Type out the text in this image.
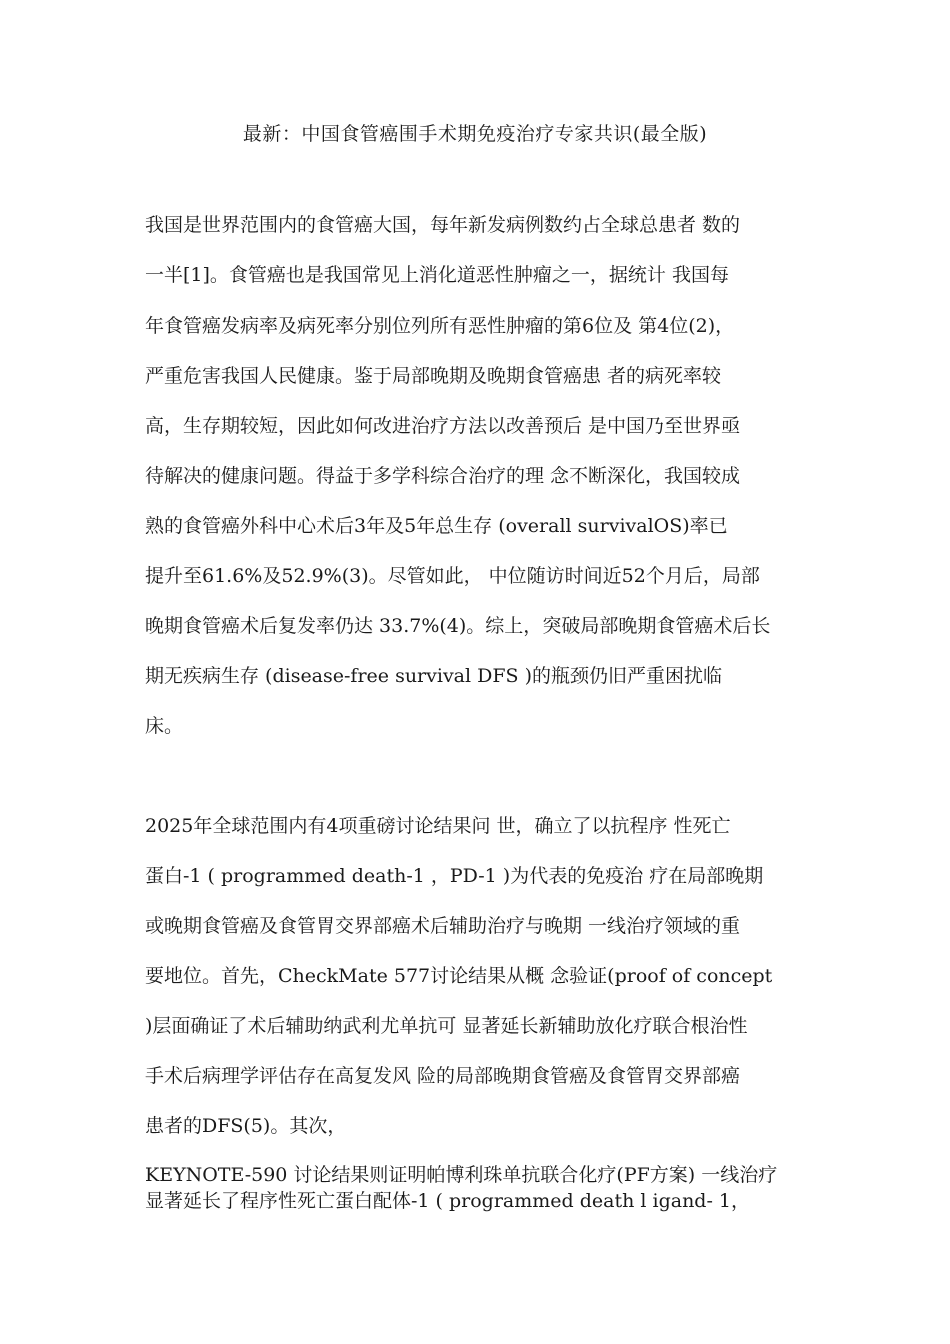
最新：中国食管癌围手术期免疫治疗专家共识(最全版)
我国是世界范围内的食管癌大国，每年新发病例数约占全球总患者 数的
一半[1]。食管癌也是我国常见上消化道恶性肿瘤之一，据统计 我国每
年食管癌发病率及病死率分别位列所有恶性肿瘤的第6位及 第4位(2)，
严重危害我国人民健康。鉴于局部晚期及晚期食管癌患 者的病死率较
高，生存期较短，因此如何改进治疗方法以改善预后 是中国乃至世界亟
待解决的健康问题。得益于多学科综合治疗的理 念不断深化，我国较成
熟的食管癌外科中心术后3年及5年总生存 (overall survivalOS)率已
提升至61.6%及52.9%(3)。尽管如此， 中位随访时间近52个月后，局部
晚期食管癌术后复发率仍达 33.7%(4)。综上，突破局部晚期食管癌术后长
期无疾病生存 (disease-free survival DFS )的瓶颈仍旧严重困扰临
床。
2025年全球范围内有4项重磅讨论结果问 世，确立了以抗程序 性死亡
蛋白-1 ( programmed death-1 ，PD-1 )为代表的免疫治 疗在局部晚期
或晚期食管癌及食管胃交界部癌术后辅助治疗与晚期 一线治疗领域的重
要地位。首先，CheckMate 577讨论结果从概 念验证(proof of concept
)层面确证了术后辅助纳武利尤单抗可 显著延长新辅助放化疗联合根治性
手术后病理学评估存在高复发风 险的局部晚期食管癌及食管胃交界部癌
患者的DFS(5)。其次，
KEYNOTE-590 讨论结果则证明帕博利珠单抗联合化疗(PF方案) 一线治疗
显著延长了程序性死亡蛋白配体-1 ( programmed death l igand- 1，
